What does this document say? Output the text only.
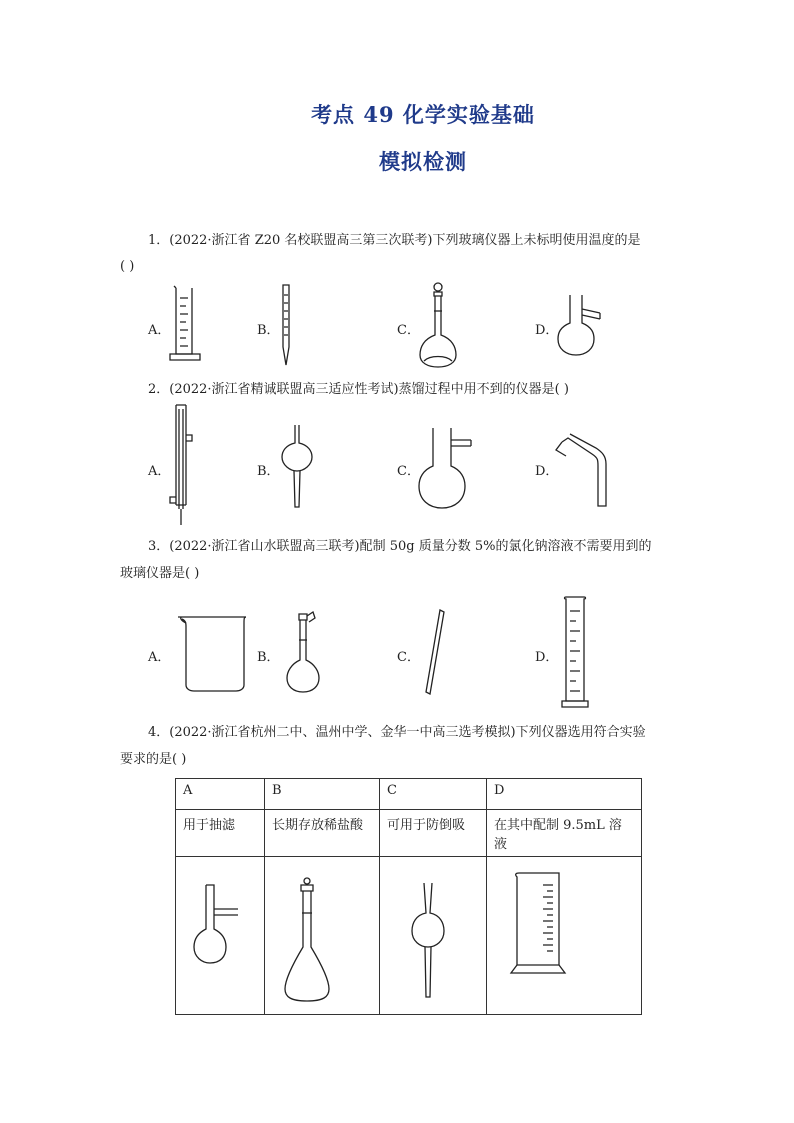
考点 49 化学实验基础
模拟检测
1．(2022·浙江省 Z20 名校联盟高三第三次联考)下列玻璃仪器上未标明使用温度的是
( )
A．	B．	C．	D．
2．(2022·浙江省精诚联盟高三适应性考试)蒸馏过程中用不到的仪器是( )
A．	B．	C．	D．
3．(2022·浙江省山水联盟高三联考)配制 50g 质量分数 5%的氯化钠溶液不需要用到的
玻璃仪器是( )
A．	B．	C．	D．
4．(2022·浙江省杭州二中、温州中学、金华一中高三选考模拟)下列仪器选用符合实验
要求的是( )
A	B	C	D
用于抽滤	长期存放稀盐酸	可用于防倒吸	在其中配制 9.5mL 溶液
